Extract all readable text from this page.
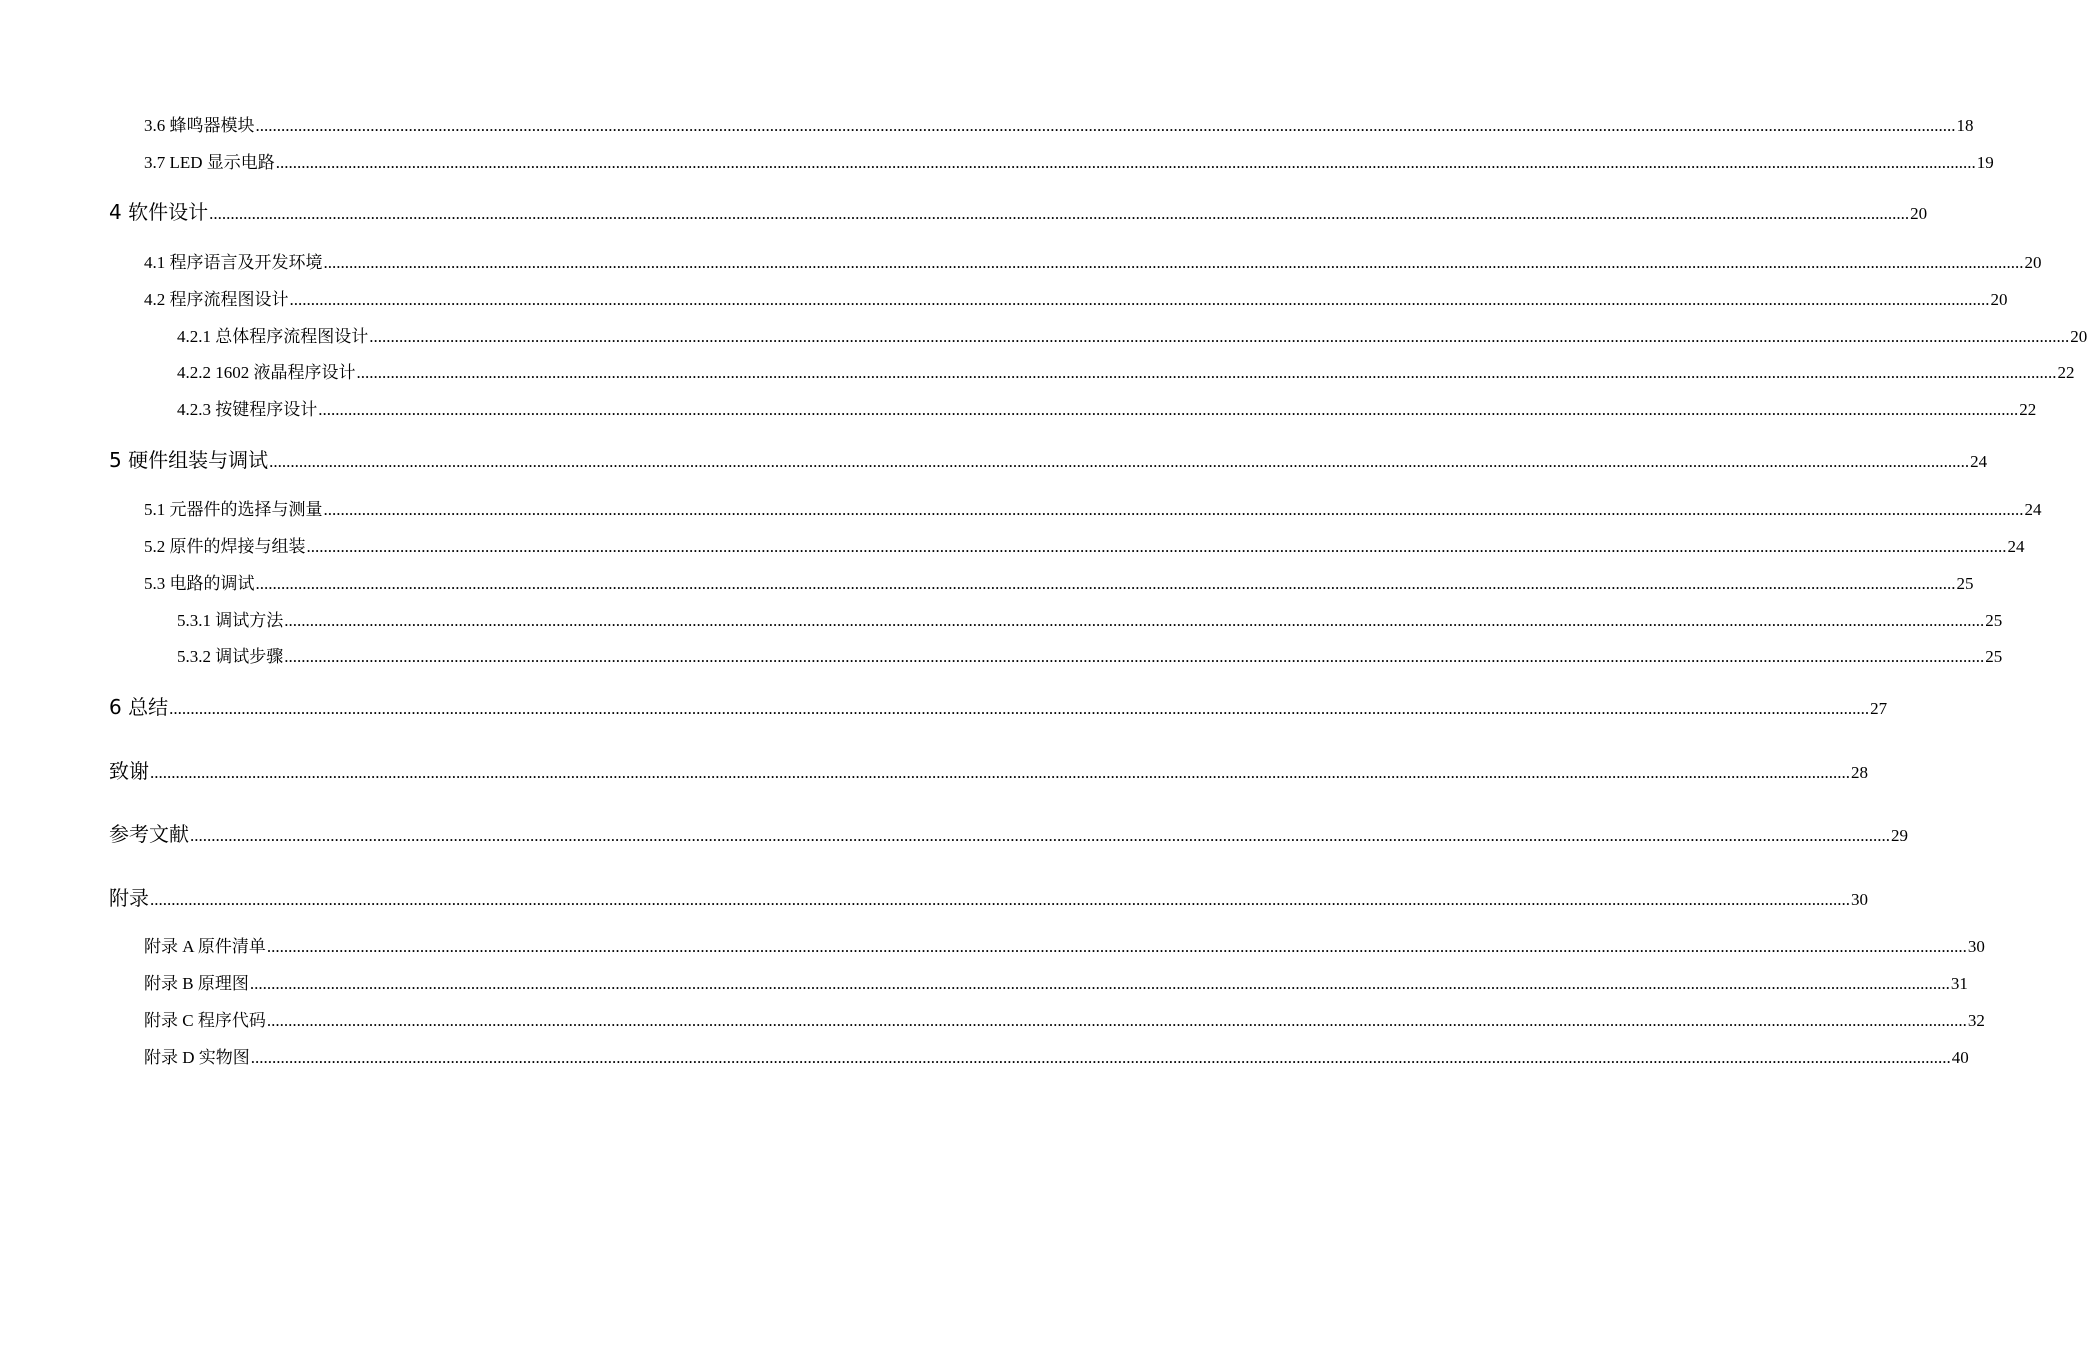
3.6 蜂鸣器模块 ................................................................................................................................................................................................................................................................................................................................................................................................................ 18
3.7 LED 显示电路 ................................................................................................................................................................................................................................................................................................................................................................................................................ 19
4 软件设计 ................................................................................................................................................................................................................................................................................................................................................................................................................ 20
4.1 程序语言及开发环境 ................................................................................................................................................................................................................................................................................................................................................................................................................ 20
4.2 程序流程图设计 ................................................................................................................................................................................................................................................................................................................................................................................................................ 20
4.2.1 总体程序流程图设计 ................................................................................................................................................................................................................................................................................................................................................................................................................ 20
4.2.2 1602 液晶程序设计 ................................................................................................................................................................................................................................................................................................................................................................................................................ 22
4.2.3 按键程序设计 ................................................................................................................................................................................................................................................................................................................................................................................................................ 22
5 硬件组装与调试 ................................................................................................................................................................................................................................................................................................................................................................................................................ 24
5.1 元器件的选择与测量 ................................................................................................................................................................................................................................................................................................................................................................................................................ 24
5.2 原件的焊接与组装 ................................................................................................................................................................................................................................................................................................................................................................................................................ 24
5.3 电路的调试 ................................................................................................................................................................................................................................................................................................................................................................................................................ 25
5.3.1 调试方法 ................................................................................................................................................................................................................................................................................................................................................................................................................ 25
5.3.2 调试步骤 ................................................................................................................................................................................................................................................................................................................................................................................................................ 25
6 总结 ................................................................................................................................................................................................................................................................................................................................................................................................................ 27
致谢 ................................................................................................................................................................................................................................................................................................................................................................................................................ 28
参考文献 ................................................................................................................................................................................................................................................................................................................................................................................................................ 29
附录 ................................................................................................................................................................................................................................................................................................................................................................................................................ 30
附录 A 原件清单 ................................................................................................................................................................................................................................................................................................................................................................................................................ 30
附录 B 原理图 ................................................................................................................................................................................................................................................................................................................................................................................................................ 31
附录 C 程序代码 ................................................................................................................................................................................................................................................................................................................................................................................................................ 32
附录 D 实物图 ................................................................................................................................................................................................................................................................................................................................................................................................................ 40
